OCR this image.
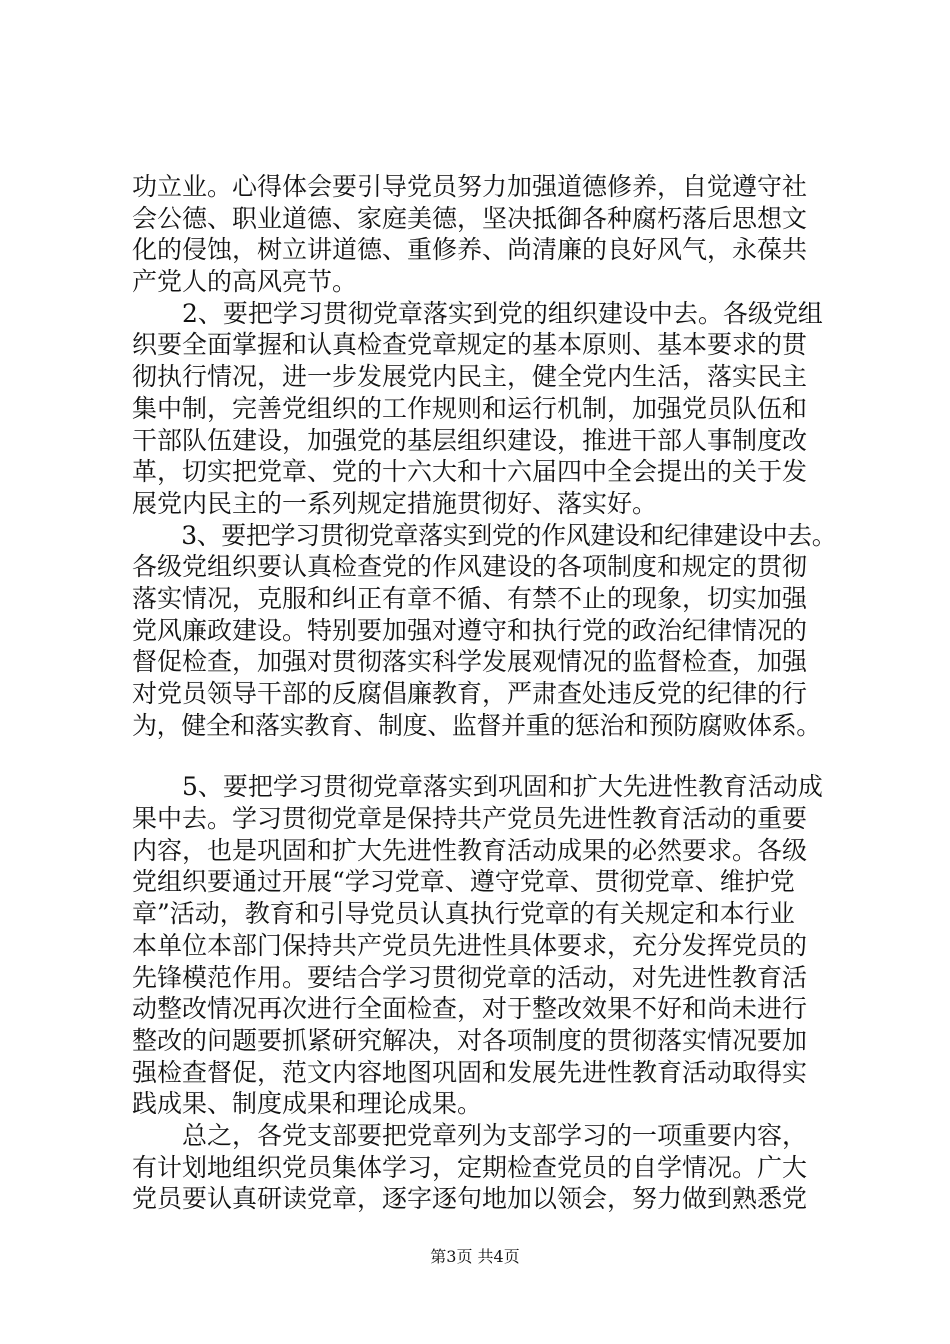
功立业。心得体会要引导党员努力加强道德修养，自觉遵守社
会公德、职业道德、家庭美德，坚决抵御各种腐朽落后思想文
化的侵蚀，树立讲道德、重修养、尚清廉的良好风气，永葆共
产党人的高风亮节。
　　2、要把学习贯彻党章落实到党的组织建设中去。各级党组
织要全面掌握和认真检查党章规定的基本原则、基本要求的贯
彻执行情况，进一步发展党内民主，健全党内生活，落实民主
集中制，完善党组织的工作规则和运行机制，加强党员队伍和
干部队伍建设，加强党的基层组织建设，推进干部人事制度改
革，切实把党章、党的十六大和十六届四中全会提出的关于发
展党内民主的一系列规定措施贯彻好、落实好。
　　3、要把学习贯彻党章落实到党的作风建设和纪律建设中去。
各级党组织要认真检查党的作风建设的各项制度和规定的贯彻
落实情况，克服和纠正有章不循、有禁不止的现象，切实加强
党风廉政建设。特别要加强对遵守和执行党的政治纪律情况的
督促检查，加强对贯彻落实科学发展观情况的监督检查，加强
对党员领导干部的反腐倡廉教育，严肃查处违反党的纪律的行
为，健全和落实教育、制度、监督并重的惩治和预防腐败体系。
　　5、要把学习贯彻党章落实到巩固和扩大先进性教育活动成
果中去。学习贯彻党章是保持共产党员先进性教育活动的重要
内容，也是巩固和扩大先进性教育活动成果的必然要求。各级
党组织要通过开展“学习党章、遵守党章、贯彻党章、维护党
章”活动，教育和引导党员认真执行党章的有关规定和本行业
本单位本部门保持共产党员先进性具体要求，充分发挥党员的
先锋模范作用。要结合学习贯彻党章的活动，对先进性教育活
动整改情况再次进行全面检查，对于整改效果不好和尚未进行
整改的问题要抓紧研究解决，对各项制度的贯彻落实情况要加
强检查督促，范文内容地图巩固和发展先进性教育活动取得实
践成果、制度成果和理论成果。
　　总之，各党支部要把党章列为支部学习的一项重要内容，
有计划地组织党员集体学习，定期检查党员的自学情况。广大
党员要认真研读党章，逐字逐句地加以领会，努力做到熟悉党
第3页 共4页
